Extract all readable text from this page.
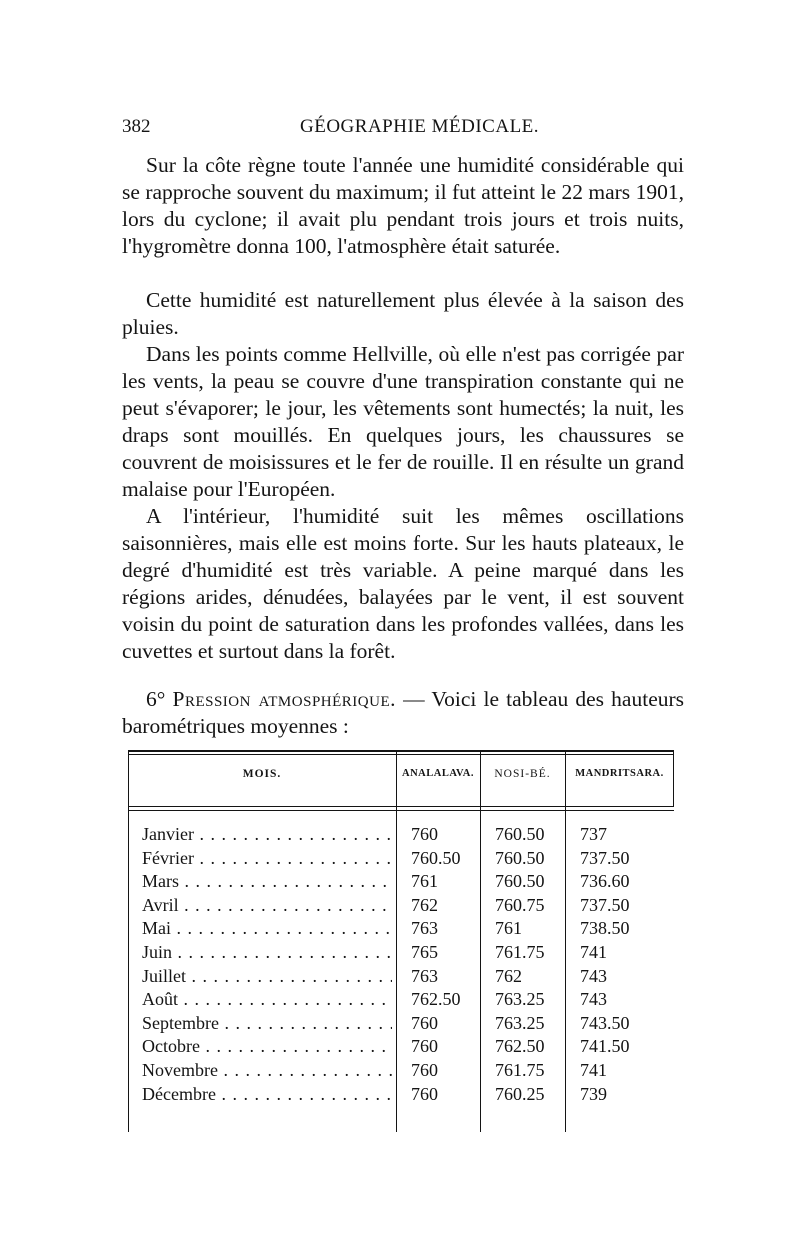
382	GÉOGRAPHIE MÉDICALE.

Sur la côte règne toute l'année une humidité considérable qui se rapproche souvent du maximum; il fut atteint le 22 mars 1901, lors du cyclone; il avait plu pendant trois jours et trois nuits, l'hygromètre donna 100, l'atmosphère était saturée.

Cette humidité est naturellement plus élevée à la saison des pluies.

Dans les points comme Hellville, où elle n'est pas corrigée par les vents, la peau se couvre d'une transpiration constante qui ne peut s'évaporer; le jour, les vêtements sont humectés; la nuit, les draps sont mouillés. En quelques jours, les chaussures se couvrent de moisissures et le fer de rouille. Il en résulte un grand malaise pour l'Européen.

A l'intérieur, l'humidité suit les mêmes oscillations saisonnières, mais elle est moins forte. Sur les hauts plateaux, le degré d'humidité est très variable. A peine marqué dans les régions arides, dénudées, balayées par le vent, il est souvent voisin du point de saturation dans les profondes vallées, dans les cuvettes et surtout dans la forêt.

6° Pression atmosphérique. — Voici le tableau des hauteurs barométriques moyennes :

MOIS.	ANALALAVA.	NOSI-BÉ.	MANDRITSARA.
Janvier . . .	760	760.50 737
Février . . .	760.50 760.50 737.50
Mars . . .	761	760.50 736.60
Avril . . .	762	760.75 737.50
Mai . . .	763	761	738.50
Juin . . .	765	761.75 741
Juillet . . .	763	762	743
Août . . .	762.50 763.25 743
Septembre . . .	760	763.25 743.50
Octobre . . .	760	762.50 741.50
Novembre . . .	760	761.75 741
Décembre . . .	760	760.25 739
